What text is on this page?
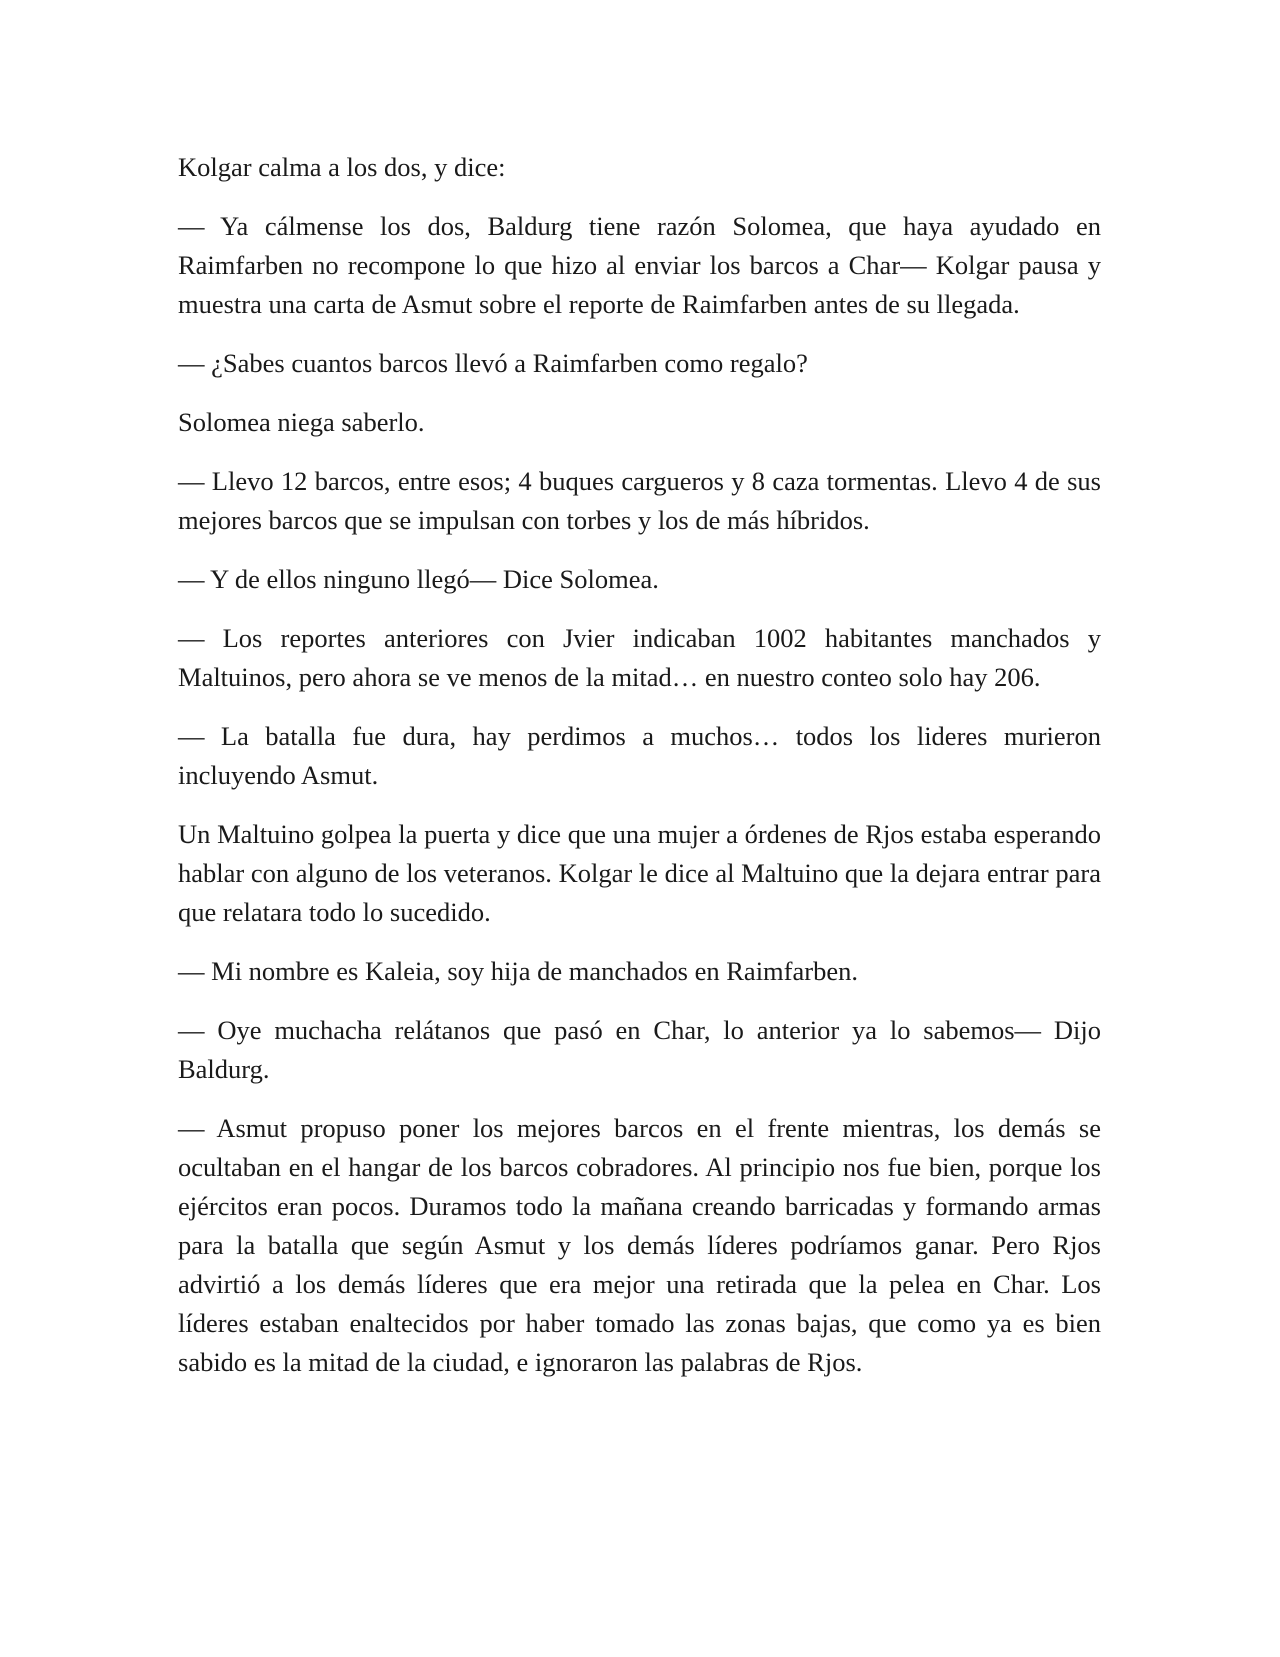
Kolgar calma a los dos, y dice:

— Ya cálmense los dos, Baldurg tiene razón Solomea, que haya ayudado en Raimfarben no recompone lo que hizo al enviar los barcos a Char— Kolgar pausa y muestra una carta de Asmut sobre el reporte de Raimfarben antes de su llegada.

— ¿Sabes cuantos barcos llevó a Raimfarben como regalo?

Solomea niega saberlo.

— Llevo 12 barcos, entre esos; 4 buques cargueros y 8 caza tormentas. Llevo 4 de sus mejores barcos que se impulsan con torbes y los de más híbridos.

— Y de ellos ninguno llegó— Dice Solomea.

— Los reportes anteriores con Jvier indicaban 1002 habitantes manchados y Maltuinos, pero ahora se ve menos de la mitad… en nuestro conteo solo hay 206.

— La batalla fue dura, hay perdimos a muchos… todos los lideres murieron incluyendo Asmut.

Un Maltuino golpea la puerta y dice que una mujer a órdenes de Rjos estaba esperando hablar con alguno de los veteranos. Kolgar le dice al Maltuino que la dejara entrar para que relatara todo lo sucedido.

— Mi nombre es Kaleia, soy hija de manchados en Raimfarben.

— Oye muchacha relátanos que pasó en Char, lo anterior ya lo sabemos— Dijo Baldurg.

— Asmut propuso poner los mejores barcos en el frente mientras, los demás se ocultaban en el hangar de los barcos cobradores. Al principio nos fue bien, porque los ejércitos eran pocos. Duramos todo la mañana creando barricadas y formando armas para la batalla que según Asmut y los demás líderes podríamos ganar. Pero Rjos advirtió a los demás líderes que era mejor una retirada que la pelea en Char. Los líderes estaban enaltecidos por haber tomado las zonas bajas, que como ya es bien sabido es la mitad de la ciudad, e ignoraron las palabras de Rjos.
